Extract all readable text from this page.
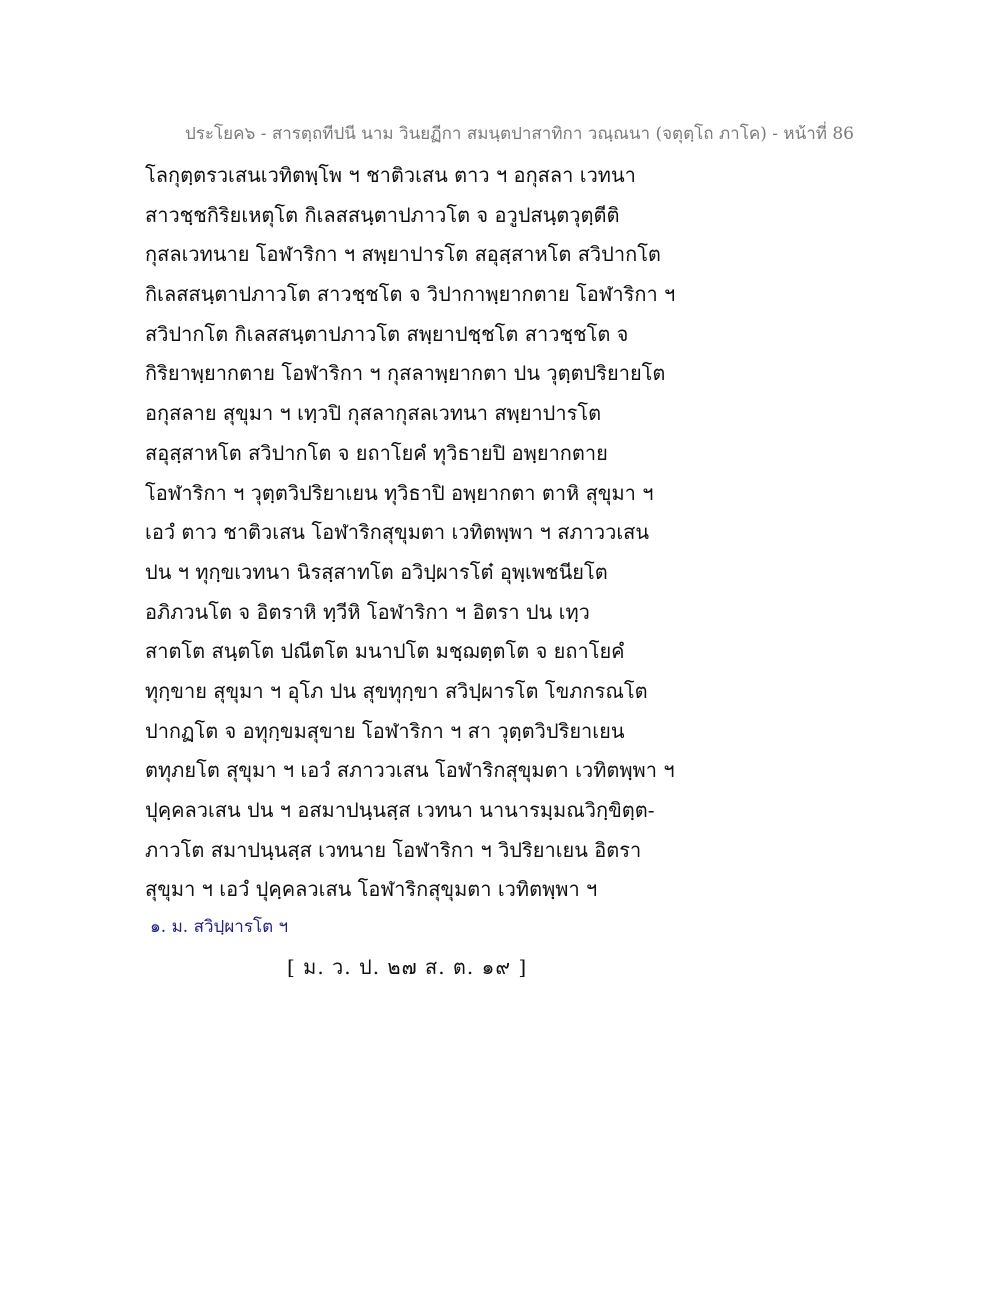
ประโยค๖ - สารตฺถทีปนี นาม วินยฏีกา สมนฺตปาสาทิกา วณฺณนา (จตุตฺโถ ภาโค) - หน้าที่ 86
โลกุตฺตรวเสนเวทิตพฺโพ ฯ ชาติวเสน ตาว ฯ อกุสลา เวทนา
สาวชฺชกิริยเหตุโต กิเลสสนฺตาปภาวโต จ อวูปสนฺตวุตฺตีติ
กุสลเวทนาย โอฬาริกา ฯ สพฺยาปารโต สอุสฺสาหโต สวิปากโต
กิเลสสนฺตาปภาวโต สาวชฺชโต จ วิปากาพฺยากตาย โอฬาริกา ฯ
สวิปากโต กิเลสสนฺตาปภาวโต สพฺยาปชฺชโต สาวชฺชโต จ
กิริยาพฺยากตาย โอฬาริกา ฯ กุสลาพฺยากตา ปน วุตฺตปริยายโต
อกุสลาย สุขุมา ฯ เทฺวปิ กุสลากุสลเวทนา สพฺยาปารโต
สอุสฺสาหโต สวิปากโต จ ยถาโยคํ ทุวิธายปิ อพฺยากตาย
โอฬาริกา ฯ วุตฺตวิปริยาเยน ทุวิธาปิ อพฺยากตา ตาหิ สุขุมา ฯ
เอวํ ตาว ชาติวเสน โอฬาริกสุขุมตา เวทิตพฺพา ฯ สภาววเสน
ปน ฯ ทุกฺขเวทนา นิรสฺสาทโต อวิปฺผารโต๋ อุพฺเพชนียโต
อภิภวนโต จ อิตราหิ ทฺวีหิ โอฬาริกา ฯ อิตรา ปน เทฺว
สาตโต สนฺตโต ปณีตโต มนาปโต มชฺฌตฺตโต จ ยถาโยคํ
ทุกฺขาย สุขุมา ฯ อุโภ ปน สุขทุกฺขา สวิปฺผารโต โขภกรณโต
ปากฏโต จ อทุกฺขมสุขาย โอฬาริกา ฯ สา วุตฺตวิปริยาเยน
ตทุภยโต สุขุมา ฯ เอวํ สภาววเสน โอฬาริกสุขุมตา เวทิตพฺพา ฯ
ปุคฺคลวเสน ปน ฯ อสมาปนฺนสฺส เวทนา นานารมฺมณวิกฺขิตฺต-
ภาวโต สมาปนฺนสฺส เวทนาย โอฬาริกา ฯ วิปริยาเยน อิตรา
สุขุมา ฯ เอวํ ปุคฺคลวเสน โอฬาริกสุขุมตา เวทิตพฺพา ฯ
๑. ม. สวิปฺผารโต ฯ
[ ม. ว. ป. ๒๗ ส. ต. ๑๙ ]
